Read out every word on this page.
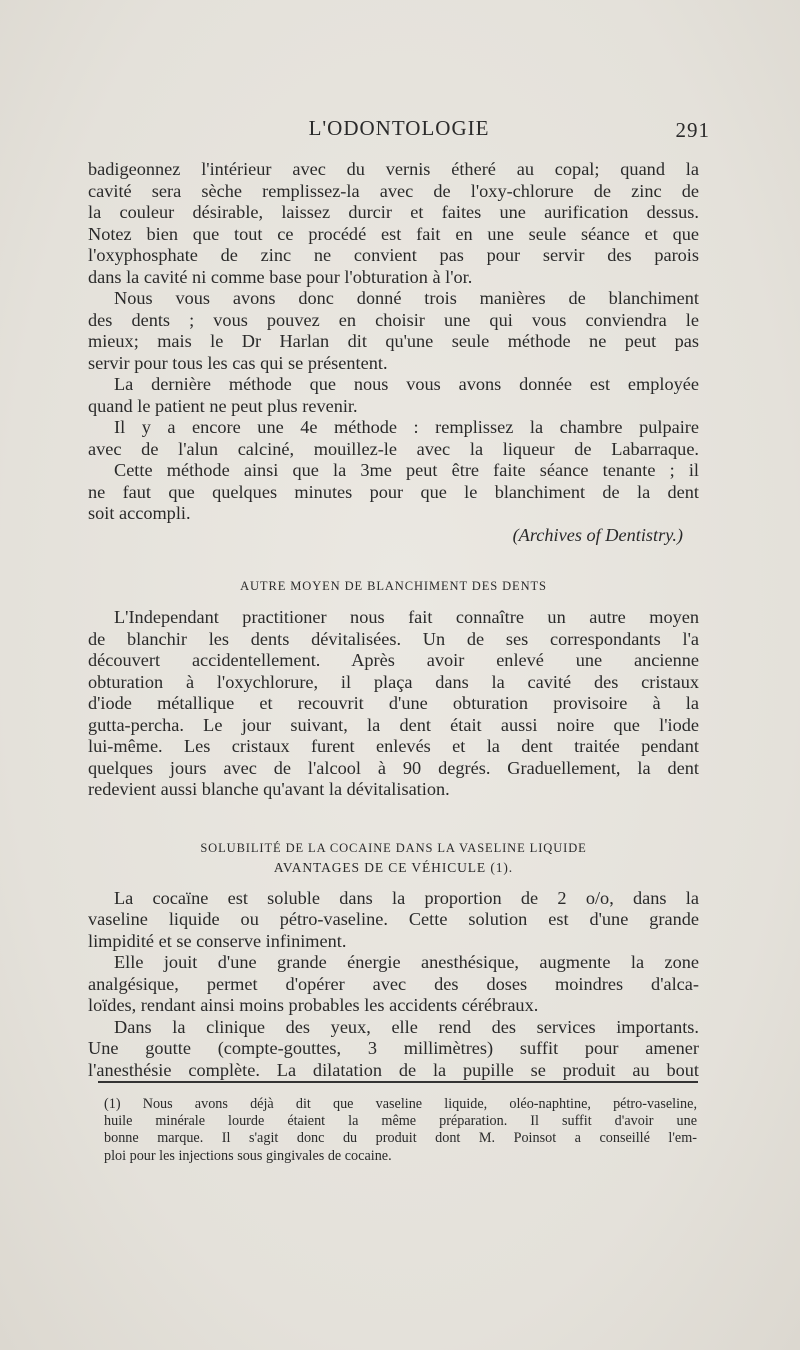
L'ODONTOLOGIE	291
badigeonnez l'intérieur avec du vernis étheré au copal; quand la
cavité sera sèche remplissez-la avec de l'oxy-chlorure de zinc de
la couleur désirable, laissez durcir et faites une aurification dessus.
Notez bien que tout ce procédé est fait en une seule séance et que
l'oxyphosphate de zinc ne convient pas pour servir des parois
dans la cavité ni comme base pour l'obturation à l'or.
Nous vous avons donc donné trois manières de blanchiment
des dents ; vous pouvez en choisir une qui vous conviendra le
mieux; mais le Dr Harlan dit qu'une seule méthode ne peut pas
servir pour tous les cas qui se présentent.
La dernière méthode que nous vous avons donnée est employée
quand le patient ne peut plus revenir.
Il y a encore une 4e méthode : remplissez la chambre pulpaire
avec de l'alun calciné, mouillez-le avec la liqueur de Labarraque.
Cette méthode ainsi que la 3me peut être faite séance tenante ; il
ne faut que quelques minutes pour que le blanchiment de la dent
soit accompli.
(Archives of Dentistry.)
AUTRE MOYEN DE BLANCHIMENT DES DENTS
L'Independant practitioner nous fait connaître un autre moyen
de blanchir les dents dévitalisées. Un de ses correspondants l'a
découvert accidentellement. Après avoir enlevé une ancienne
obturation à l'oxychlorure, il plaça dans la cavité des cristaux
d'iode métallique et recouvrit d'une obturation provisoire à la
gutta-percha. Le jour suivant, la dent était aussi noire que l'iode
lui-même. Les cristaux furent enlevés et la dent traitée pendant
quelques jours avec de l'alcool à 90 degrés. Graduellement, la dent
redevient aussi blanche qu'avant la dévitalisation.
SOLUBILITÉ DE LA COCAINE DANS LA VASELINE LIQUIDE
AVANTAGES DE CE VÉHICULE (1).
La cocaïne est soluble dans la proportion de 2 o/o, dans la
vaseline liquide ou pétro-vaseline. Cette solution est d'une grande
limpidité et se conserve infiniment.
Elle jouit d'une grande énergie anesthésique, augmente la zone
analgésique, permet d'opérer avec des doses moindres d'alca-
loïdes, rendant ainsi moins probables les accidents cérébraux.
Dans la clinique des yeux, elle rend des services importants.
Une goutte (compte-gouttes, 3 millimètres) suffit pour amener
l'anesthésie complète. La dilatation de la pupille se produit au bout
(1) Nous avons déjà dit que vaseline liquide, oléo-naphtine, pétro-vaseline,
huile minérale lourde étaient la même préparation. Il suffit d'avoir une
bonne marque. Il s'agit donc du produit dont M. Poinsot a conseillé l'em-
ploi pour les injections sous gingivales de cocaine.
